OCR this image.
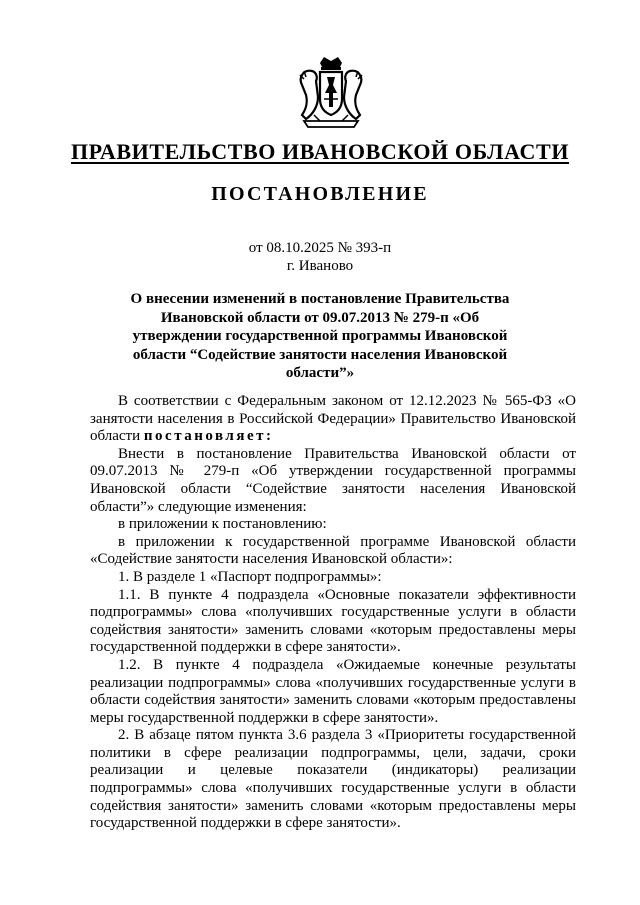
ПРАВИТЕЛЬСТВО ИВАНОВСКОЙ ОБЛАСТИ
ПОСТАНОВЛЕНИЕ
от 08.10.2025 № 393-п
г. Иваново
О внесении изменений в постановление Правительства Ивановской области от 09.07.2013 № 279-п «Об утверждении государственной программы Ивановской области “Содействие занятости населения Ивановской области”»

В соответствии с Федеральным законом от 12.12.2023 № 565-ФЗ «О занятости населения в Российской Федерации» Правительство Ивановской области постановляет:

Внести в постановление Правительства Ивановской области от 09.07.2013 № 279-п «Об утверждении государственной программы Ивановской области “Содействие занятости населения Ивановской области”» следующие изменения:

в приложении к постановлению:

в приложении к государственной программе Ивановской области «Содействие занятости населения Ивановской области»:

1. В разделе 1 «Паспорт подпрограммы»:

1.1. В пункте 4 подраздела «Основные показатели эффективности подпрограммы» слова «получивших государственные услуги в области содействия занятости» заменить словами «которым предоставлены меры государственной поддержки в сфере занятости».

1.2. В пункте 4 подраздела «Ожидаемые конечные результаты реализации подпрограммы» слова «получивших государственные услуги в области содействия занятости» заменить словами «которым предоставлены меры государственной поддержки в сфере занятости».

2. В абзаце пятом пункта 3.6 раздела 3 «Приоритеты государственной политики в сфере реализации подпрограммы, цели, задачи, сроки реализации и целевые показатели (индикаторы) реализации подпрограммы» слова «получивших государственные услуги в области содействия занятости» заменить словами «которым предоставлены меры государственной поддержки в сфере занятости».
